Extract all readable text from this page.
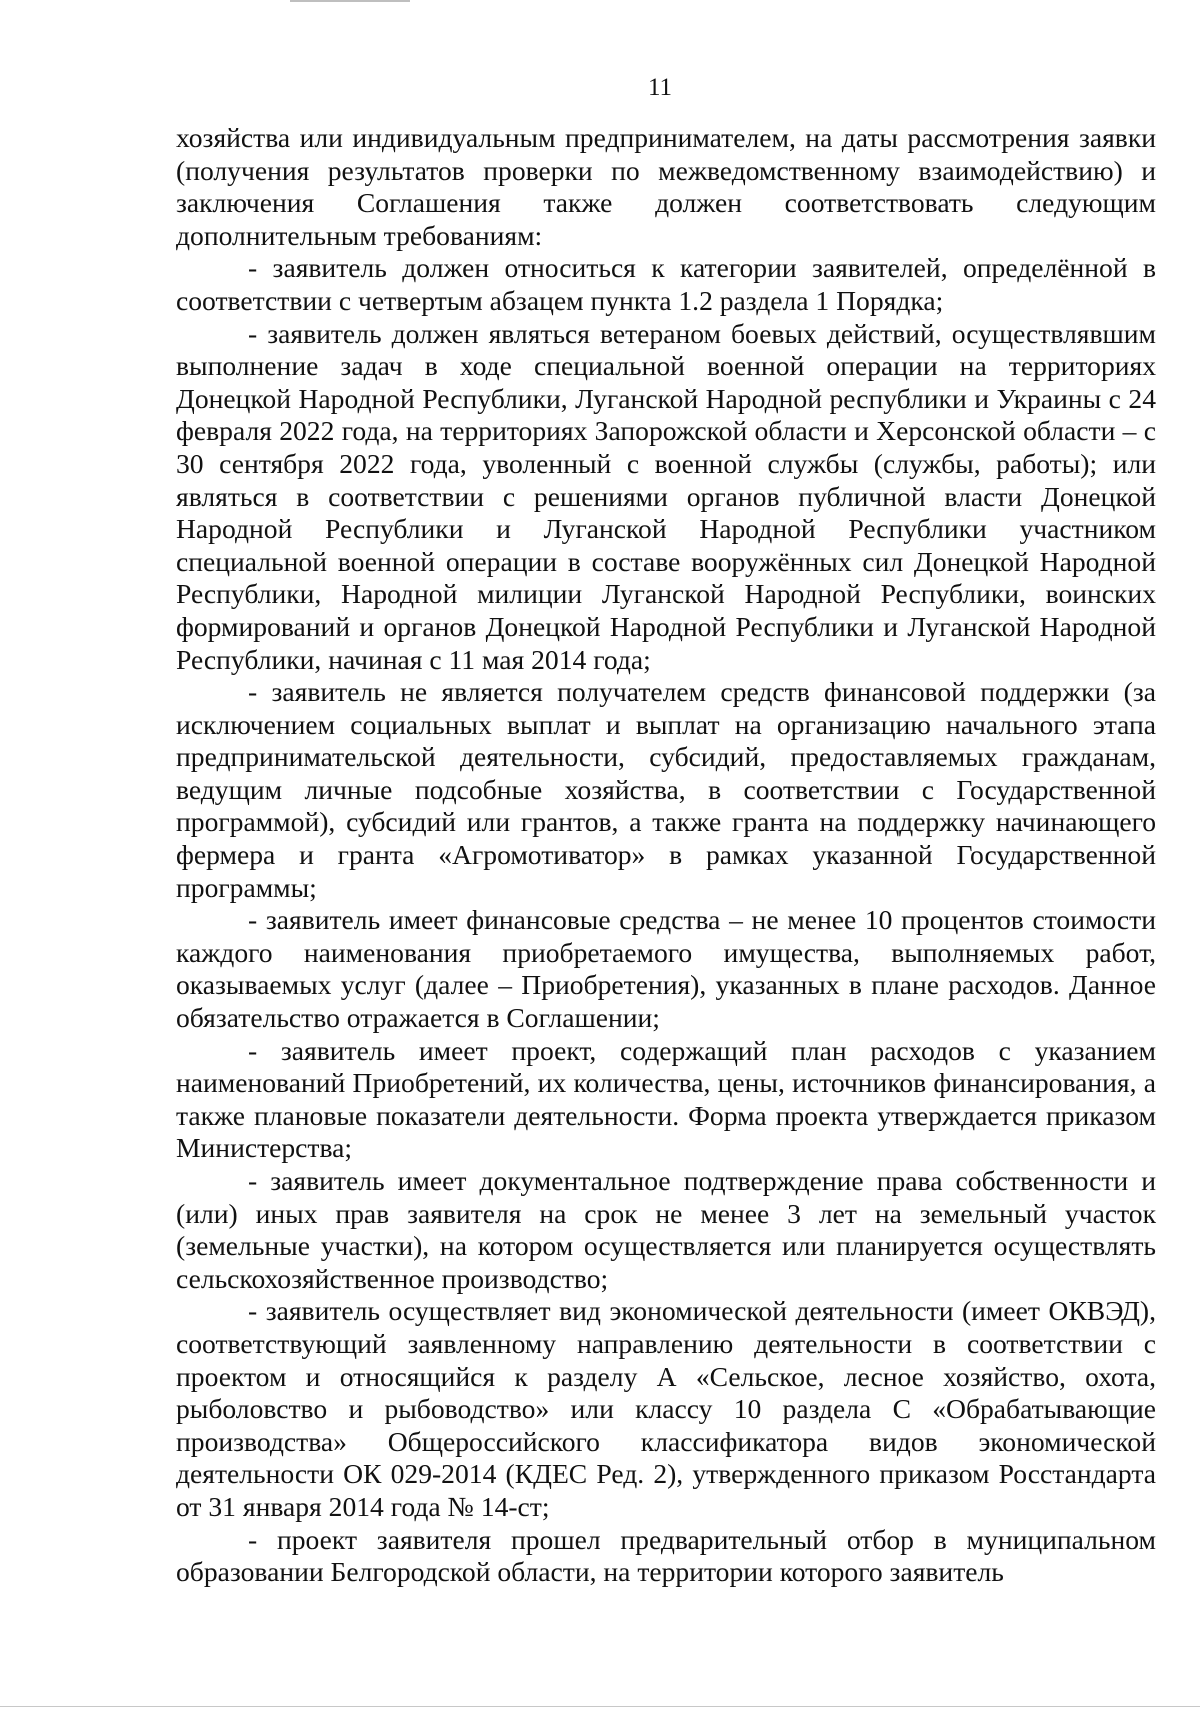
11

хозяйства или индивидуальным предпринимателем, на даты рассмотрения заявки (получения результатов проверки по межведомственному взаимодействию) и заключения Соглашения также должен соответствовать следующим дополнительным требованиям:

- заявитель должен относиться к категории заявителей, определённой в соответствии с четвертым абзацем пункта 1.2 раздела 1 Порядка;

- заявитель должен являться ветераном боевых действий, осуществлявшим выполнение задач в ходе специальной военной операции на территориях Донецкой Народной Республики, Луганской Народной республики и Украины с 24 февраля 2022 года, на территориях Запорожской области и Херсонской области – с 30 сентября 2022 года, уволенный с военной службы (службы, работы); или являться в соответствии с решениями органов публичной власти Донецкой Народной Республики и Луганской Народной Республики участником специальной военной операции в составе вооружённых сил Донецкой Народной Республики, Народной милиции Луганской Народной Республики, воинских формирований и органов Донецкой Народной Республики и Луганской Народной Республики, начиная с 11 мая 2014 года;

- заявитель не является получателем средств финансовой поддержки (за исключением социальных выплат и выплат на организацию начального этапа предпринимательской деятельности, субсидий, предоставляемых гражданам, ведущим личные подсобные хозяйства, в соответствии с Государственной программой), субсидий или грантов, а также гранта на поддержку начинающего фермера и гранта «Агромотиватор» в рамках указанной Государственной программы;

- заявитель имеет финансовые средства – не менее 10 процентов стоимости каждого наименования приобретаемого имущества, выполняемых работ, оказываемых услуг (далее – Приобретения), указанных в плане расходов. Данное обязательство отражается в Соглашении;

- заявитель имеет проект, содержащий план расходов с указанием наименований Приобретений, их количества, цены, источников финансирования, а также плановые показатели деятельности. Форма проекта утверждается приказом Министерства;

- заявитель имеет документальное подтверждение права собственности и (или) иных прав заявителя на срок не менее 3 лет на земельный участок (земельные участки), на котором осуществляется или планируется осуществлять сельскохозяйственное производство;

- заявитель осуществляет вид экономической деятельности (имеет ОКВЭД), соответствующий заявленному направлению деятельности в соответствии с проектом и относящийся к разделу А «Сельское, лесное хозяйство, охота, рыболовство и рыбоводство» или классу 10 раздела С «Обрабатывающие производства» Общероссийского классификатора видов экономической деятельности ОК 029-2014 (КДЕС Ред. 2), утвержденного приказом Росстандарта от 31 января 2014 года № 14-ст;

- проект заявителя прошел предварительный отбор в муниципальном образовании Белгородской области, на территории которого заявитель
